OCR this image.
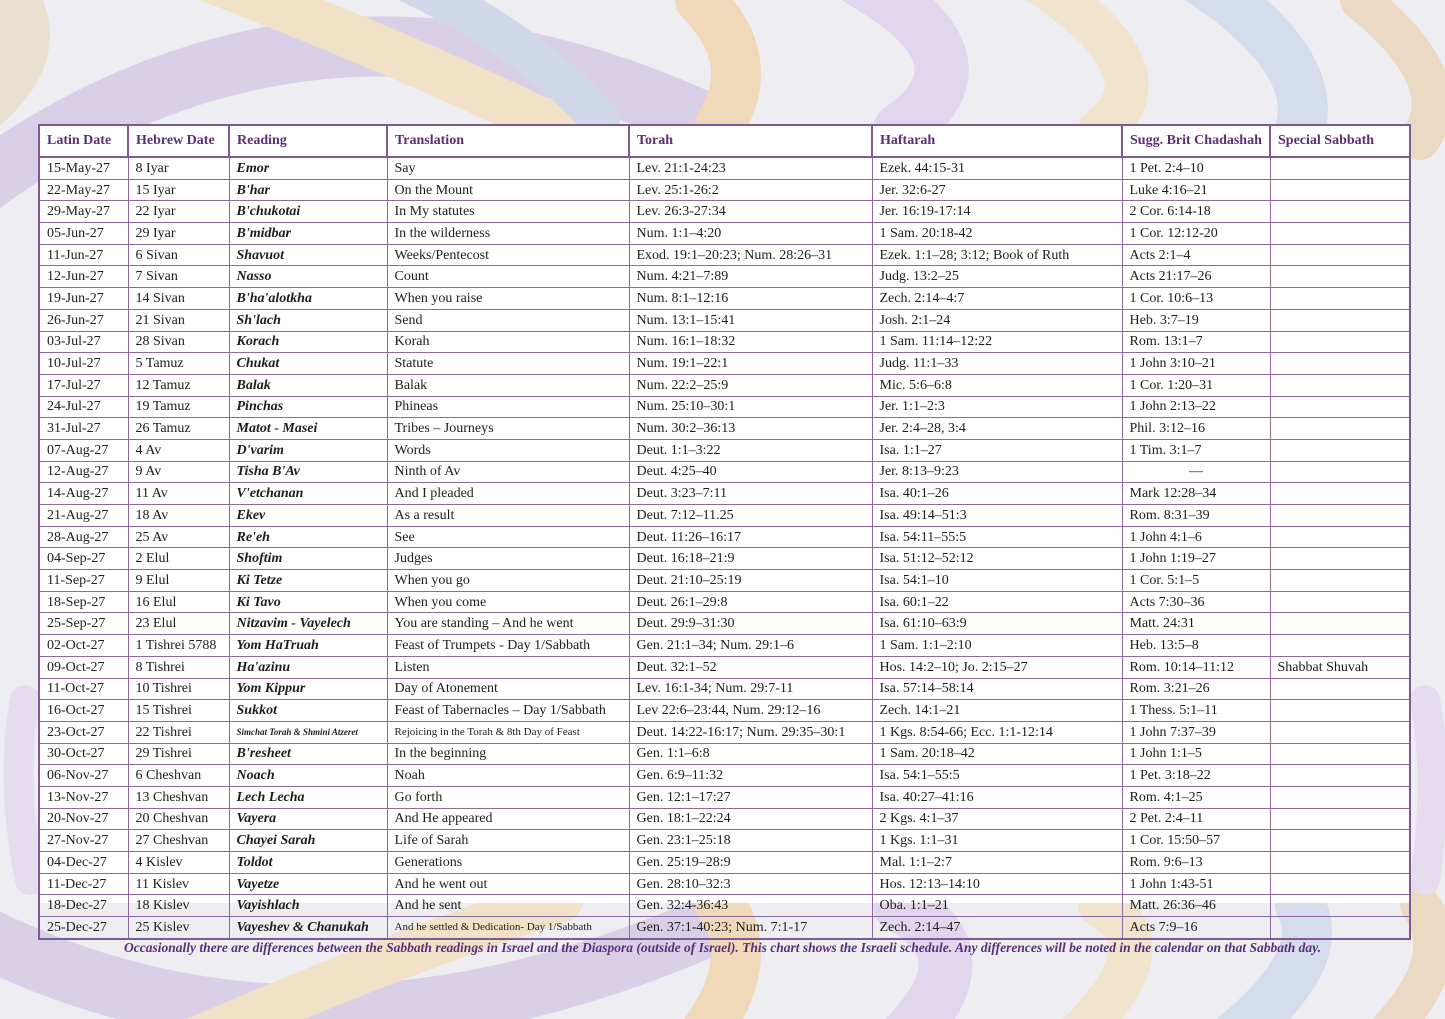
Latin Date	Hebrew Date	Reading	Translation	Torah	Haftarah	Sugg. Brit Chadashah	Special Sabbath
15-May-27	8 Iyar	Emor	Say	Lev. 21:1-24:23	Ezek. 44:15-31	1 Pet. 2:4–10	
22-May-27	15 Iyar	B'har	On the Mount	Lev. 25:1-26:2	Jer. 32:6-27	Luke 4:16–21	
29-May-27	22 Iyar	B'chukotai	In My statutes	Lev. 26:3-27:34	Jer. 16:19-17:14	2 Cor. 6:14-18	
05-Jun-27	29 Iyar	B'midbar	In the wilderness	Num. 1:1–4:20	1 Sam. 20:18-42	1 Cor. 12:12-20	
11-Jun-27	6 Sivan	Shavuot	Weeks/Pentecost	Exod. 19:1–20:23; Num. 28:26–31	Ezek. 1:1–28; 3:12; Book of Ruth	Acts 2:1–4	
12-Jun-27	7 Sivan	Nasso	Count	Num. 4:21–7:89	Judg. 13:2–25	Acts 21:17–26	
19-Jun-27	14 Sivan	B'ha'alotkha	When you raise	Num. 8:1–12:16	Zech. 2:14–4:7	1 Cor. 10:6–13	
26-Jun-27	21 Sivan	Sh'lach	Send	Num. 13:1–15:41	Josh. 2:1–24	Heb. 3:7–19	
03-Jul-27	28 Sivan	Korach	Korah	Num. 16:1–18:32	1 Sam. 11:14–12:22	Rom. 13:1–7	
10-Jul-27	5 Tamuz	Chukat	Statute	Num. 19:1–22:1	Judg. 11:1–33	1 John 3:10–21	
17-Jul-27	12 Tamuz	Balak	Balak	Num. 22:2–25:9	Mic. 5:6–6:8	1 Cor. 1:20–31	
24-Jul-27	19 Tamuz	Pinchas	Phineas	Num. 25:10–30:1	Jer. 1:1–2:3	1 John 2:13–22	
31-Jul-27	26 Tamuz	Matot - Masei	Tribes – Journeys	Num. 30:2–36:13	Jer. 2:4–28, 3:4	Phil. 3:12–16	
07-Aug-27	4 Av	D'varim	Words	Deut. 1:1–3:22	Isa. 1:1–27	1 Tim. 3:1–7	
12-Aug-27	9 Av	Tisha B'Av	Ninth of Av	Deut. 4:25–40	Jer. 8:13–9:23	––	
14-Aug-27	11 Av	V'etchanan	And I pleaded	Deut. 3:23–7:11	Isa. 40:1–26	Mark 12:28–34	
21-Aug-27	18 Av	Ekev	As a result	Deut. 7:12–11.25	Isa. 49:14–51:3	Rom. 8:31–39	
28-Aug-27	25 Av	Re'eh	See	Deut. 11:26–16:17	Isa. 54:11–55:5	1 John 4:1–6	
04-Sep-27	2 Elul	Shoftim	Judges	Deut. 16:18–21:9	Isa. 51:12–52:12	1 John 1:19–27	
11-Sep-27	9 Elul	Ki Tetze	When you go	Deut. 21:10–25:19	Isa. 54:1–10	1 Cor. 5:1–5	
18-Sep-27	16 Elul	Ki Tavo	When you come	Deut. 26:1–29:8	Isa. 60:1–22	Acts 7:30–36	
25-Sep-27	23 Elul	Nitzavim - Vayelech	You are standing – And he went	Deut. 29:9–31:30	Isa. 61:10–63:9	Matt. 24:31	
02-Oct-27	1 Tishrei 5788	Yom HaTruah	Feast of Trumpets - Day 1/Sabbath	Gen. 21:1–34; Num. 29:1–6	1 Sam. 1:1–2:10	Heb. 13:5–8	
09-Oct-27	8 Tishrei	Ha'azinu	Listen	Deut. 32:1–52	Hos. 14:2–10; Jo. 2:15–27	Rom. 10:14–11:12	Shabbat Shuvah
11-Oct-27	10 Tishrei	Yom Kippur	Day of Atonement	Lev. 16:1-34; Num. 29:7-11	Isa. 57:14–58:14	Rom. 3:21–26	
16-Oct-27	15 Tishrei	Sukkot	Feast of Tabernacles – Day 1/Sabbath	Lev 22:6–23:44, Num. 29:12–16	Zech. 14:1–21	1 Thess. 5:1–11	
23-Oct-27	22 Tishrei	Simchat Torah & Shmini Atzeret	Rejoicing in the Torah & 8th Day of Feast	Deut. 14:22-16:17; Num. 29:35–30:1	1 Kgs. 8:54-66; Ecc. 1:1-12:14	1 John 7:37–39	
30-Oct-27	29 Tishrei	B'resheet	In the beginning	Gen. 1:1–6:8	1 Sam. 20:18–42	1 John 1:1–5	
06-Nov-27	6 Cheshvan	Noach	Noah	Gen. 6:9–11:32	Isa. 54:1–55:5	1 Pet. 3:18–22	
13-Nov-27	13 Cheshvan	Lech Lecha	Go forth	Gen. 12:1–17:27	Isa. 40:27–41:16	Rom. 4:1–25	
20-Nov-27	20 Cheshvan	Vayera	And He appeared	Gen. 18:1–22:24	2 Kgs. 4:1–37	2 Pet. 2:4–11	
27-Nov-27	27 Cheshvan	Chayei Sarah	Life of Sarah	Gen. 23:1–25:18	1 Kgs. 1:1–31	1 Cor. 15:50–57	
04-Dec-27	4 Kislev	Toldot	Generations	Gen. 25:19–28:9	Mal. 1:1–2:7	Rom. 9:6–13	
11-Dec-27	11 Kislev	Vayetze	And he went out	Gen. 28:10–32:3	Hos. 12:13–14:10	1 John 1:43-51	
18-Dec-27	18 Kislev	Vayishlach	And he sent	Gen. 32:4-36:43	Oba. 1:1–21	Matt. 26:36–46	
25-Dec-27	25 Kislev	Vayeshev & Chanukah	And he settled & Dedication- Day 1/Sabbath	Gen. 37:1-40:23; Num. 7:1-17	Zech. 2:14–47	Acts 7:9–16	
Occasionally there are differences between the Sabbath readings in Israel and the Diaspora (outside of Israel). This chart shows the Israeli schedule. Any differences will be noted in the calendar on that Sabbath day.
